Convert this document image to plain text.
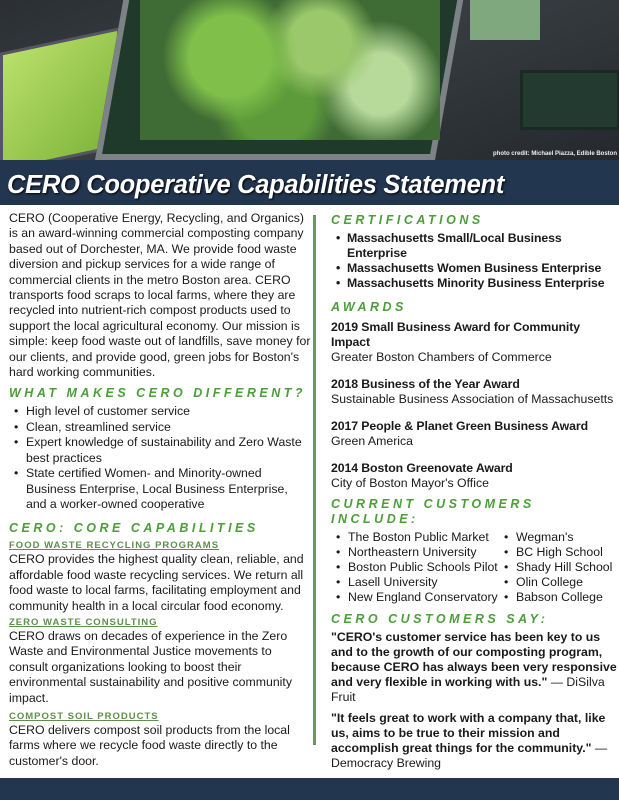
photo credit: Michael Piazza, Edible Boston
CERO Cooperative Capabilities Statement

CERO (Cooperative Energy, Recycling, and Organics) is an award-winning commercial composting company based out of Dorchester, MA. We provide food waste diversion and pickup services for a wide range of commercial clients in the metro Boston area. CERO transports food scraps to local farms, where they are recycled into nutrient-rich compost products used to support the local agricultural economy. Our mission is simple: keep food waste out of landfills, save money for our clients, and provide good, green jobs for Boston's hard working communities.

WHAT MAKES CERO DIFFERENT?
• High level of customer service
• Clean, streamlined service
• Expert knowledge of sustainability and Zero Waste best practices
• State certified Women- and Minority-owned Business Enterprise, Local Business Enterprise, and a worker-owned cooperative
CERO: CORE CAPABILITIES
FOOD WASTE RECYCLING PROGRAMS

CERO provides the highest quality clean, reliable, and affordable food waste recycling services. We return all food waste to local farms, facilitating employment and community health in a local circular food economy.

ZERO WASTE CONSULTING

CERO draws on decades of experience in the Zero Waste and Environmental Justice movements to consult organizations looking to boost their environmental sustainability and positive community impact.

COMPOST SOIL PRODUCTS

CERO delivers compost soil products from the local farms where we recycle food waste directly to the customer's door.

CERTIFICATIONS
• Massachusetts Small/Local Business Enterprise
• Massachusetts Women Business Enterprise
• Massachusetts Minority Business Enterprise
AWARDS
2019 Small Business Award for Community Impact
Greater Boston Chambers of Commerce
2018 Business of the Year Award
Sustainable Business Association of Massachusetts
2017 People & Planet Green Business Award
Green America
2014 Boston Greenovate Award
City of Boston Mayor's Office
CURRENT CUSTOMERS INCLUDE:
• The Boston Public Market
• Northeastern University
• Boston Public Schools Pilot
• Lasell University
• New England Conservatory
• Wegman's
• BC High School
• Shady Hill School
• Olin College
• Babson College
CERO CUSTOMERS SAY:

"CERO's customer service has been key to us and to the growth of our composting program, because CERO has always been very responsive and very flexible in working with us." — DiSilva Fruit

"It feels great to work with a company that, like us, aims to be true to their mission and accomplish great things for the community." — Democracy Brewing
